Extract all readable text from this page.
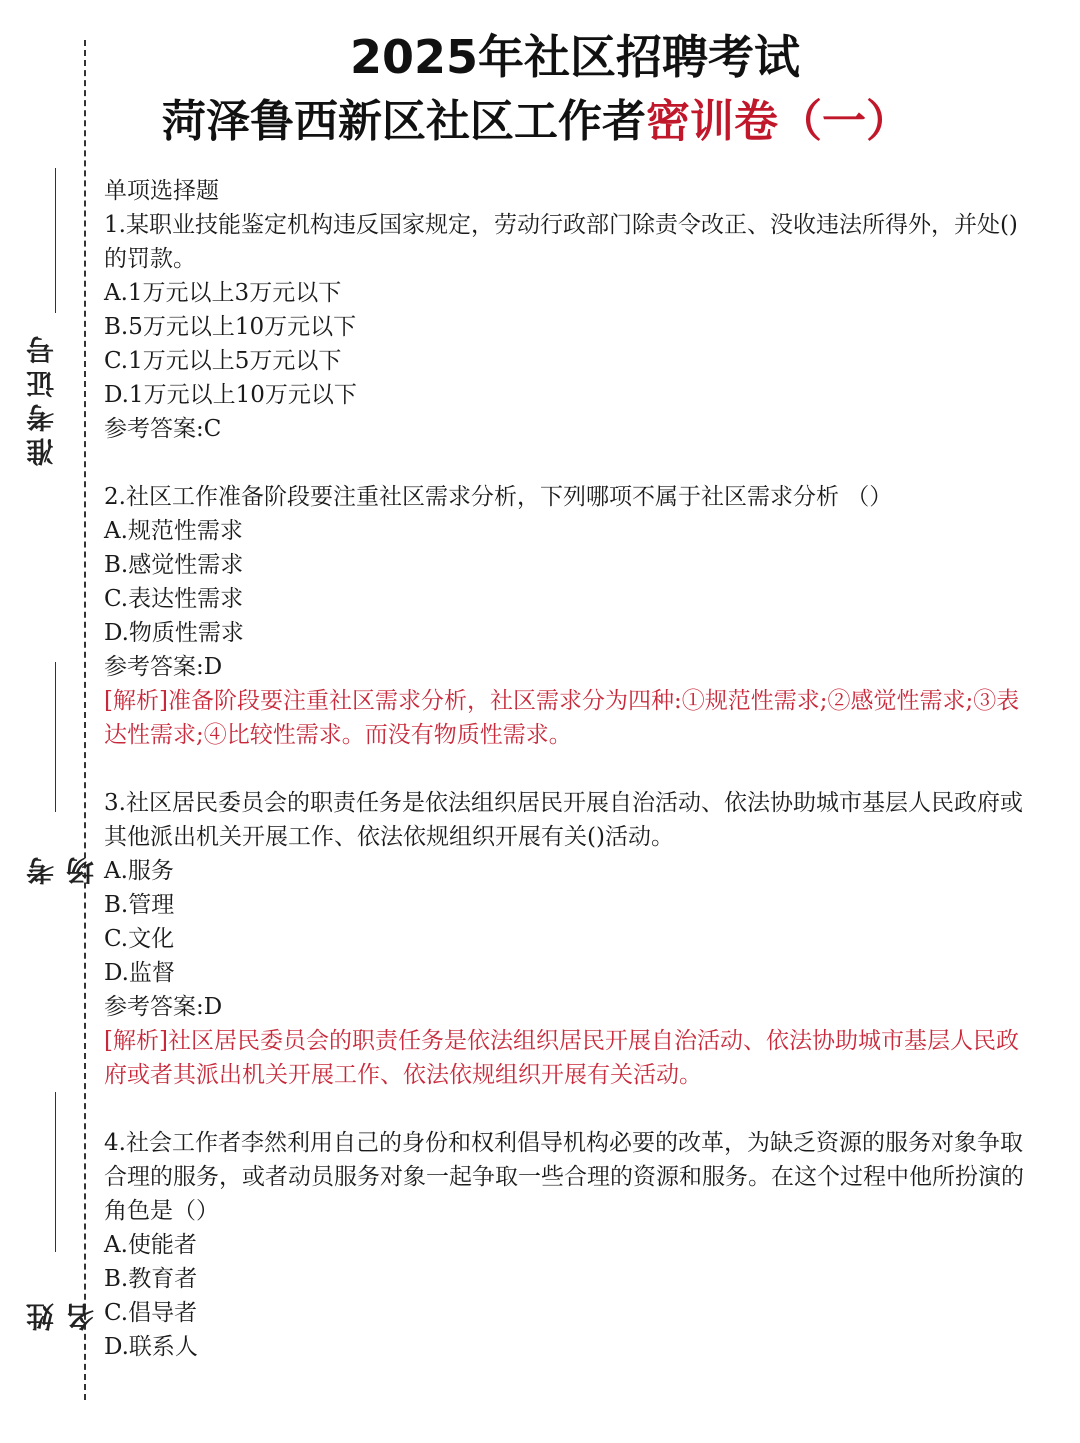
2025年社区招聘考试
菏泽鲁西新区社区工作者密训卷（一）
准考证号
考场
姓名
单项选择题
1.某职业技能鉴定机构违反国家规定，劳动行政部门除责令改正、没收违法所得外，并处()
的罚款。
A.1万元以上3万元以下
B.5万元以上10万元以下
C.1万元以上5万元以下
D.1万元以上10万元以下
参考答案:C
2.社区工作准备阶段要注重社区需求分析，下列哪项不属于社区需求分析 （）
A.规范性需求
B.感觉性需求
C.表达性需求
D.物质性需求
参考答案:D
[解析]准备阶段要注重社区需求分析，社区需求分为四种:①规范性需求;②感觉性需求;③表
达性需求;④比较性需求。而没有物质性需求。
3.社区居民委员会的职责任务是依法组织居民开展自治活动、依法协助城市基层人民政府或
其他派出机关开展工作、依法依规组织开展有关()活动。
A.服务
B.管理
C.文化
D.监督
参考答案:D
[解析]社区居民委员会的职责任务是依法组织居民开展自治活动、依法协助城市基层人民政
府或者其派出机关开展工作、依法依规组织开展有关活动。
4.社会工作者李然利用自己的身份和权利倡导机构必要的改革，为缺乏资源的服务对象争取
合理的服务，或者动员服务对象一起争取一些合理的资源和服务。在这个过程中他所扮演的
角色是（）
A.使能者
B.教育者
C.倡导者
D.联系人
